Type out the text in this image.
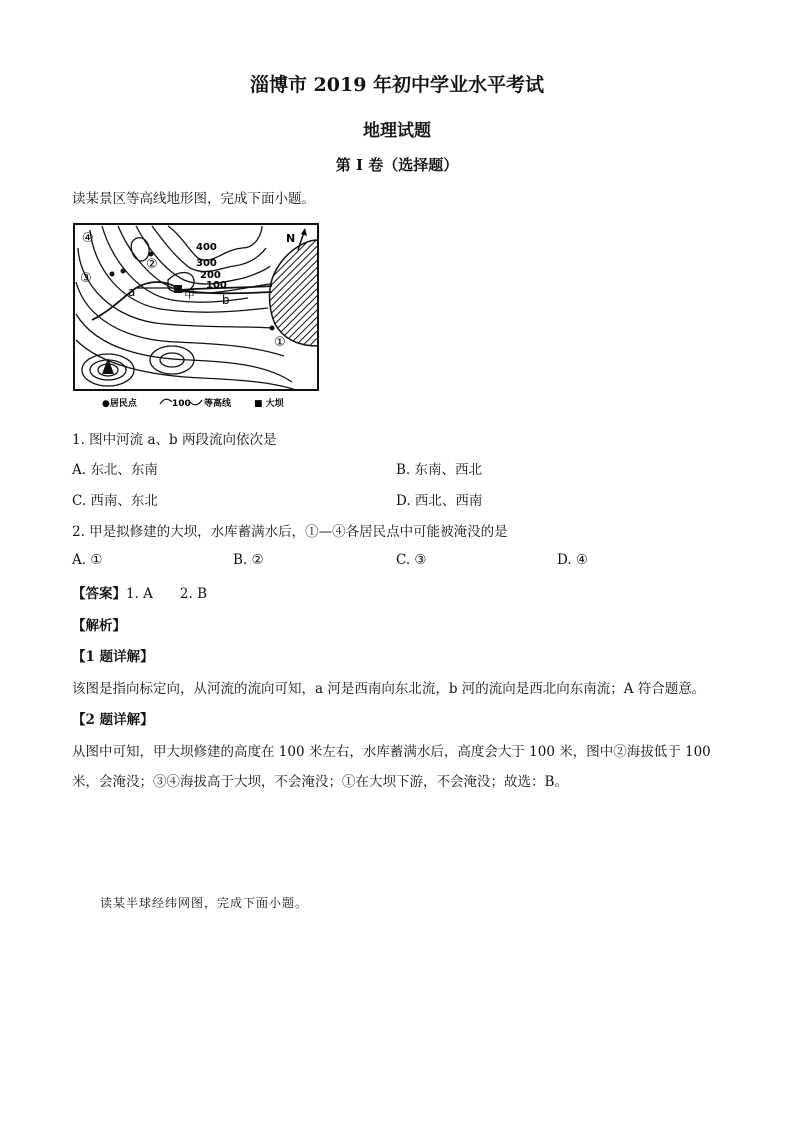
淄博市 2019 年初中学业水平考试
地理试题
第 I 卷（选择题）
读某景区等高线地形图，完成下面小题。
④
②
③
①
400
300
200
100
a
b
甲
N
●居民点	100 等高线	■ 大坝
1. 图中河流 a、b 两段流向依次是
A. 东北、东南	B. 东南、西北
C. 西南、东北	D. 西北、西南
2. 甲是拟修建的大坝，水库蓄满水后，①—④各居民点中可能被淹没的是
A. ①	B. ②	C. ③	D. ④
【答案】1. A　　2. B
【解析】
【1 题详解】
该图是指向标定向，从河流的流向可知，a 河是西南向东北流，b 河的流向是西北向东南流；A 符合题意。
【2 题详解】
从图中可知，甲大坝修建的高度在 100 米左右，水库蓄满水后，高度会大于 100 米，图中②海拔低于 100
米，会淹没；③④海拔高于大坝，不会淹没；①在大坝下游，不会淹没；故选：B。
读某半球经纬网图，完成下面小题。
